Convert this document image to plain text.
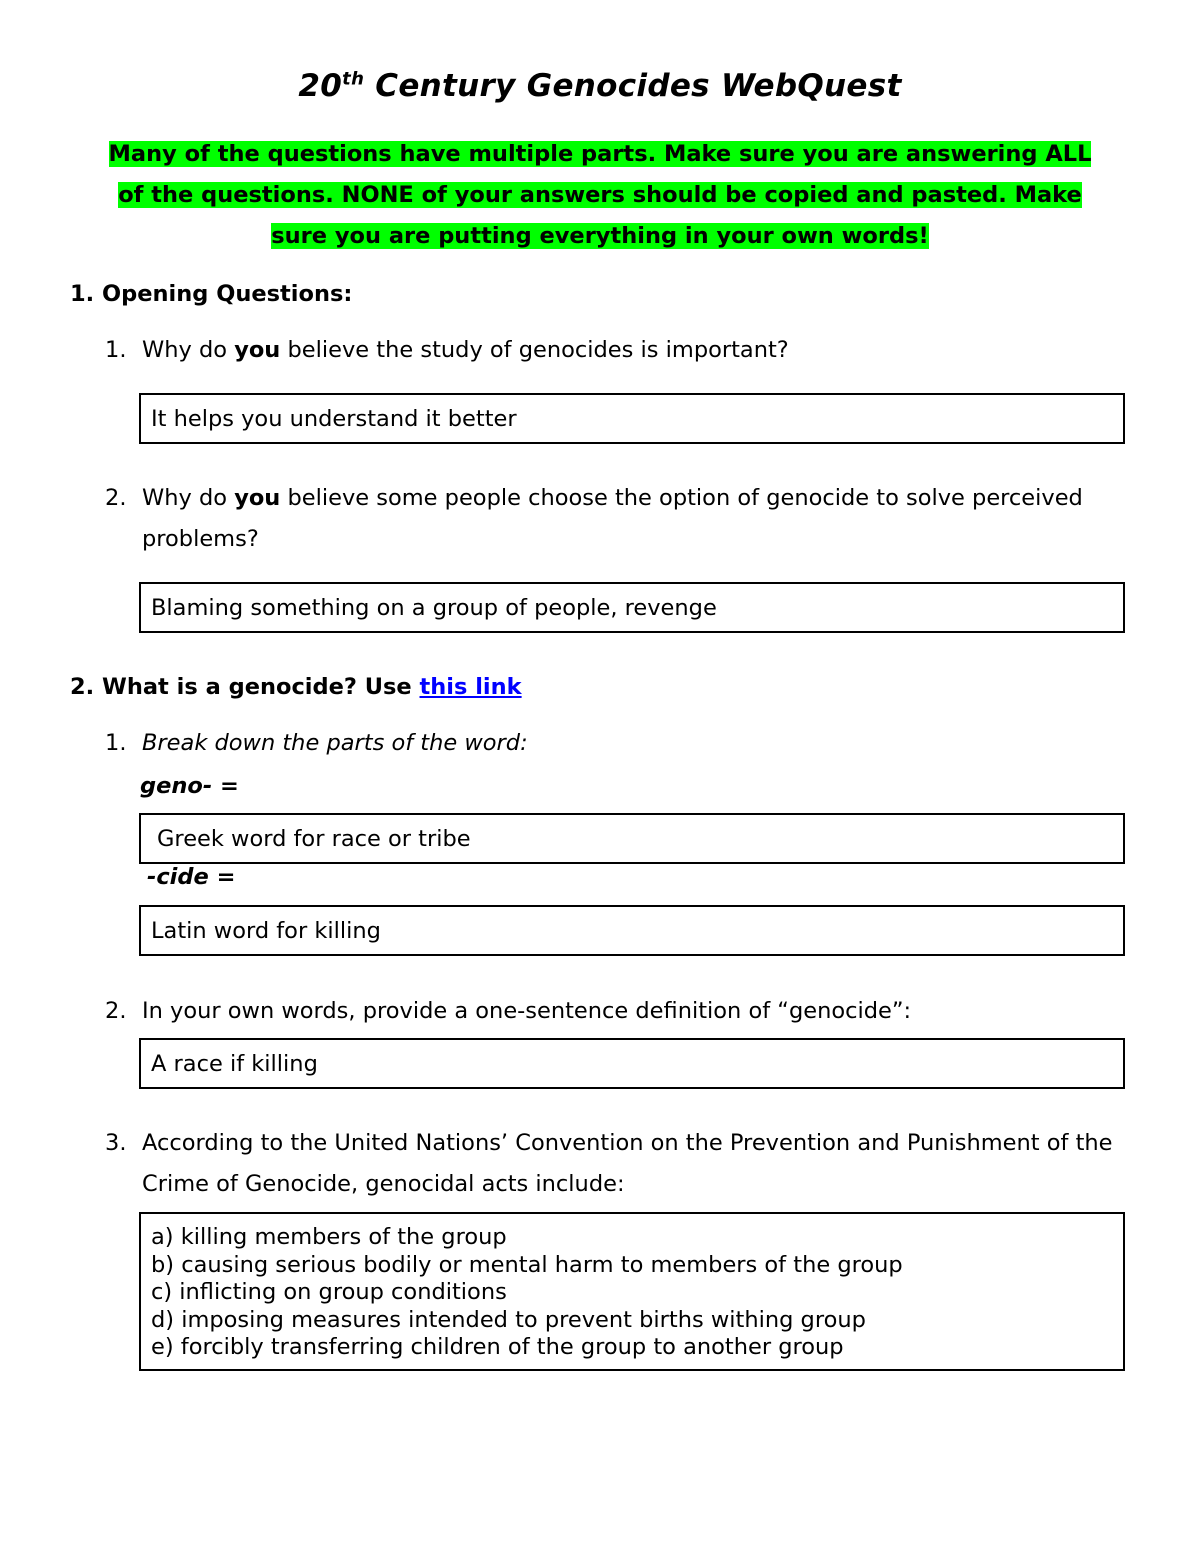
20th Century Genocides WebQuest
Many of the questions have multiple parts. Make sure you are answering ALL
of the questions. NONE of your answers should be copied and pasted. Make
sure you are putting everything in your own words!
1. Opening Questions:
1. Why do you believe the study of genocides is important?
It helps you understand it better
2. Why do you believe some people choose the option of genocide to solve perceived problems?
Blaming something on a group of people, revenge
2. What is a genocide? Use this link
1. Break down the parts of the word:
geno- =
Greek word for race or tribe
-cide =
Latin word for killing
2. In your own words, provide a one-sentence definition of “genocide”:
A race if killing
3. According to the United Nations’ Convention on the Prevention and Punishment of the Crime of Genocide, genocidal acts include:
a) killing members of the group
b) causing serious bodily or mental harm to members of the group
c) inflicting on group conditions
d) imposing measures intended to prevent births withing group
e) forcibly transferring children of the group to another group
